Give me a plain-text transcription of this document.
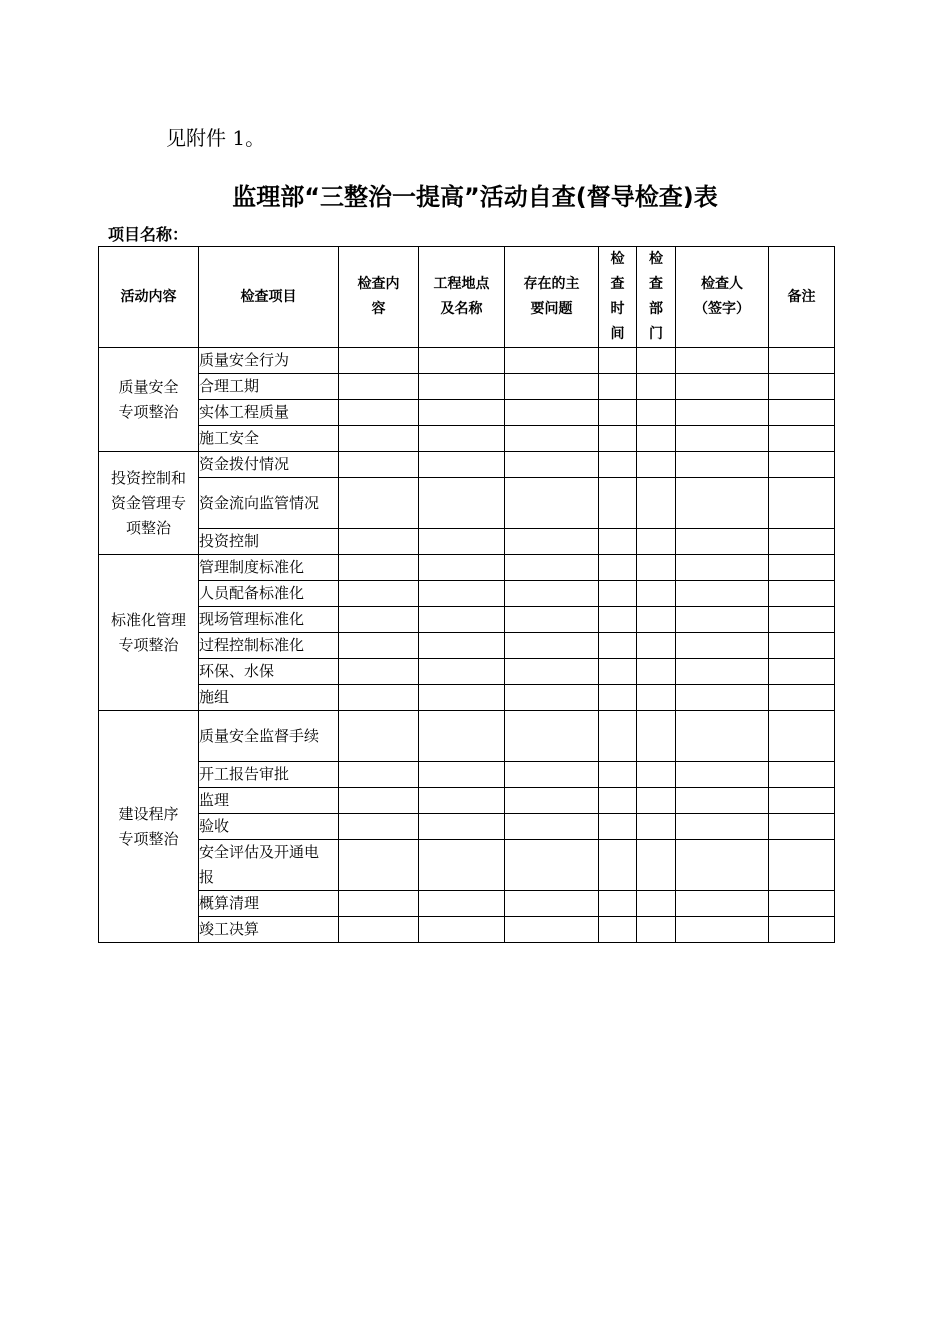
见附件 1。
监理部“三整治一提高”活动自查(督导检查)表
项目名称：
活动内容	检查项目	检查内容	工程地点及名称	存在的主要问题	检查时间	检查部门	检查人（签字）	备注

质量安全专项整治	质量安全行为							
	合理工期							
	实体工程质量							
	施工安全							

投资控制和资金管理专项整治	资金拨付情况							
	资金流向监管情况							
	投资控制							

标准化管理专项整治	管理制度标准化							
	人员配备标准化							
	现场管理标准化							
	过程控制标准化							
	环保、水保							
	施组							

建设程序专项整治	质量安全监督手续							
	开工报告审批							
	监理							
	验收							
	安全评估及开通电报							
	概算清理							
	竣工决算							
